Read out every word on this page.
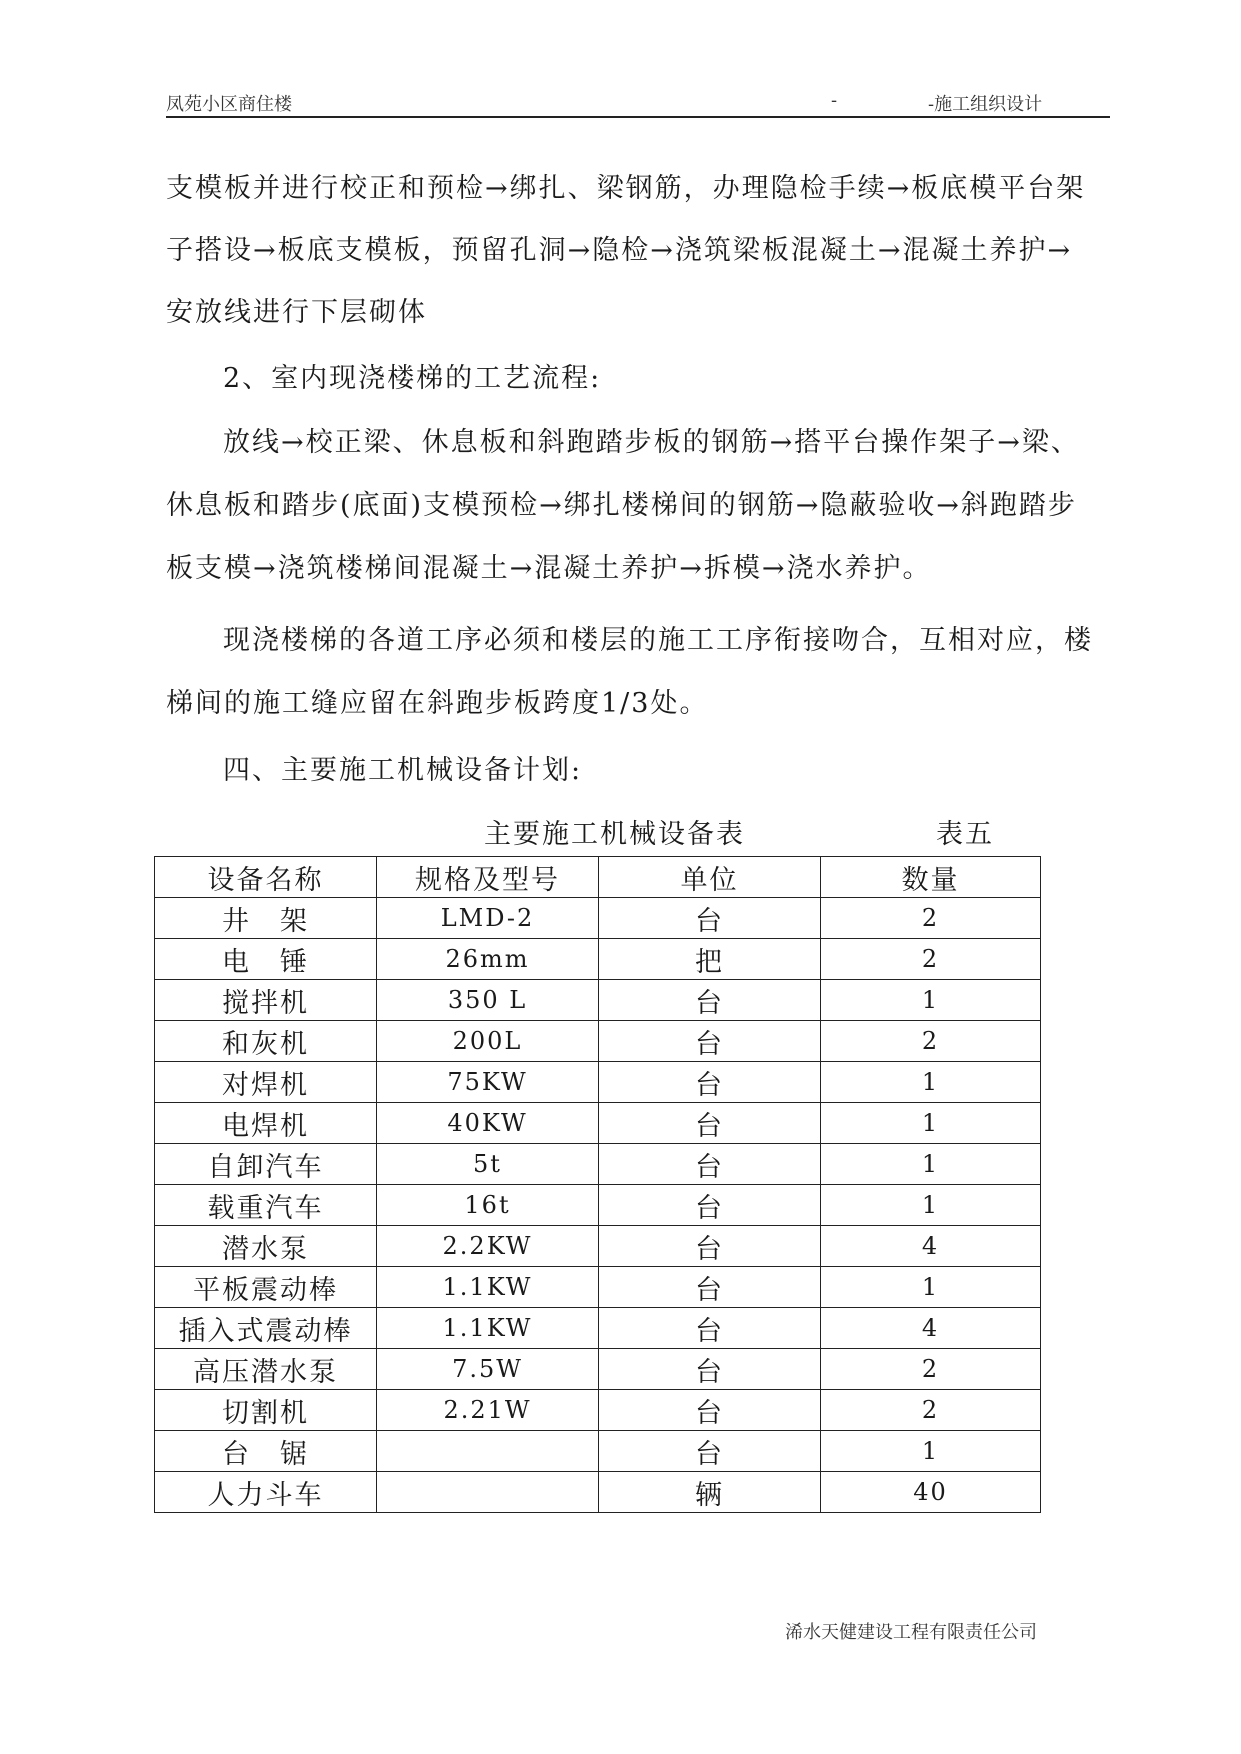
凤苑小区商住楼	-	-施工组织设计
支模板并进行校正和预检→绑扎、梁钢筋，办理隐检手续→板底模平台架
子搭设→板底支模板，预留孔洞→隐检→浇筑梁板混凝土→混凝土养护→
安放线进行下层砌体
2、室内现浇楼梯的工艺流程:
放线→校正梁、休息板和斜跑踏步板的钢筋→搭平台操作架子→梁、
休息板和踏步(底面)支模预检→绑扎楼梯间的钢筋→隐蔽验收→斜跑踏步
板支模→浇筑楼梯间混凝土→混凝土养护→拆模→浇水养护。
现浇楼梯的各道工序必须和楼层的施工工序衔接吻合，互相对应，楼
梯间的施工缝应留在斜跑步板跨度1/3处。
四、主要施工机械设备计划:
主要施工机械设备表	表五
设备名称	规格及型号	单位	数量
井　架	LMD-2	台	2
电　锤	26mm	把	2
搅拌机	350 L	台	1
和灰机	200L	台	2
对焊机	75KW	台	1
电焊机	40KW	台	1
自卸汽车	5t	台	1
载重汽车	16t	台	1
潜水泵	2.2KW	台	4
平板震动棒	1.1KW	台	1
插入式震动棒	1.1KW	台	4
高压潜水泵	7.5W	台	2
切割机	2.21W	台	2
台　锯		台	1
人力斗车		辆	40
浠水天健建设工程有限责任公司
